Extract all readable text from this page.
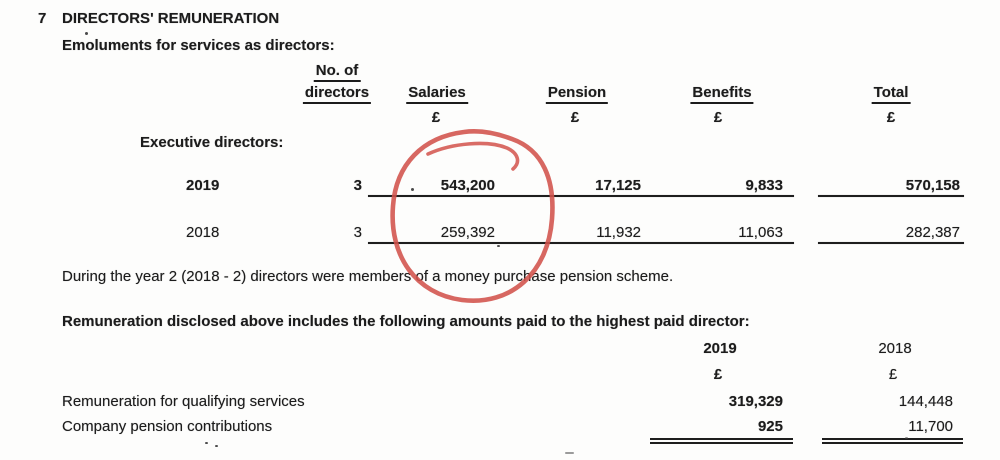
7 DIRECTORS' REMUNERATION
Emoluments for services as directors:
No. of
directors	Salaries	Pension	Benefits	Total
£	£	£	£
Executive directors:
2019	3	543,200	17,125	9,833	570,158
2018	3	259,392	11,932	11,063	282,387
During the year 2 (2018 - 2) directors were members of a money purchase pension scheme.
Remuneration disclosed above includes the following amounts paid to the highest paid director:
2019	2018
£	£
Remuneration for qualifying services	319,329	144,448
Company pension contributions	925	11,700
